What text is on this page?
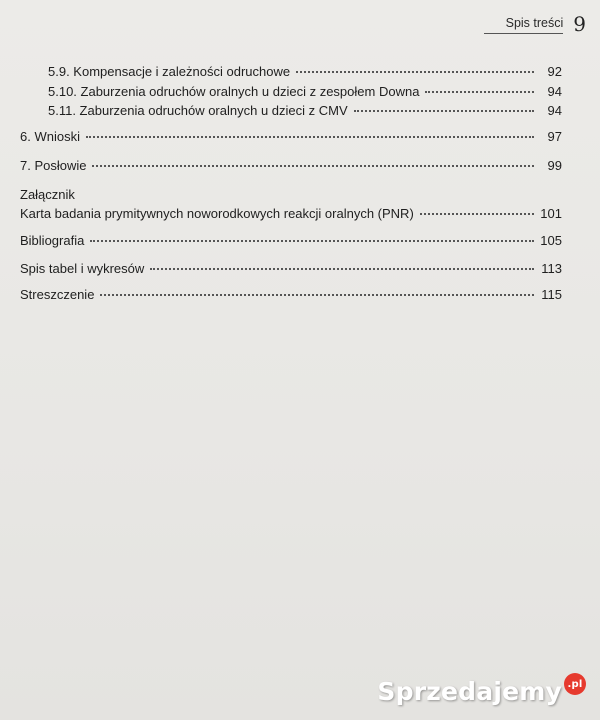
Spis treści 9
5.9. Kompensacje i zależności odruchowe	92
5.10. Zaburzenia odruchów oralnych u dzieci z zespołem Downa	94
5.11. Zaburzenia odruchów oralnych u dzieci z CMV	94
6. Wnioski	97
7. Posłowie	99
Załącznik
Karta badania prymitywnych noworodkowych reakcji oralnych (PNR)	101
Bibliografia	105
Spis tabel i wykresów	113
Streszczenie	115
Sprzedajemy .pl
